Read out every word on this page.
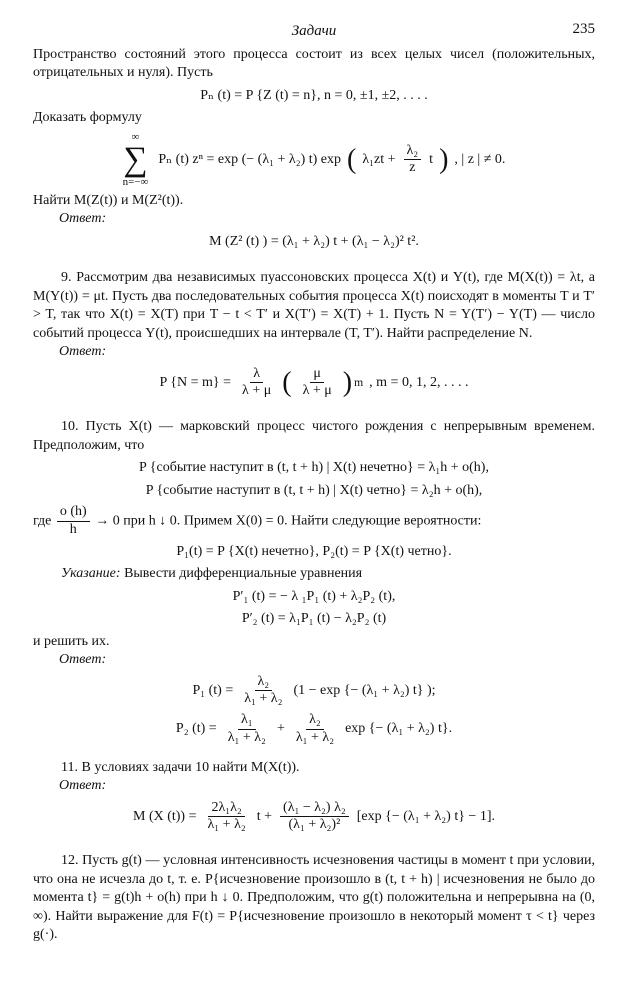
Задачи	235

Пространство состояний этого процесса состоит из всех целых чисел (положительных, отрицательных и нуля). Пусть

Pₙ (t) = P {Z (t) = n}, n = 0, ±1, ±2, . . . .

Доказать формулу

∞
∑
n=−∞
Pₙ (t) zⁿ = exp (− (λ₁ + λ₂) t) exp ( $\lambda_1zt + \frac{\text{λ₂}}{z}$ t ) , | z | ≠ 0.

Найти M(Z(t)) и M(Z²(t)).

Ответ:

M (Z² (t) ) = (λ₁ + λ₂) t + (λ₁ − λ₂)² t².

9. Рассмотрим два независимых пуассоновских процесса X(t) и Y(t), где M(X(t)) = λt, а M(Y(t)) = μt. Пусть два последовательных события процесса X(t) поисходят в моменты T и T′ > T, так что X(t) = X(T) при T − t < T′ и X(T′) = X(T) + 1. Пусть N = Y(T′) − Y(T) — число событий процесса Y(t), происшедших на интервале (T, T′). Найти распределение N.

Ответ:

P $\{N = m\} = \frac{\lambda}{\lambda + \mu}$ ( $\frac{\mu}{\lambda + \mu}$ ) m , m = 0, 1, 2, . . . .

10. Пусть X(t) — марковский процесс чистого рождения с непрерывным временем. Предположим, что

P {событие наступит в (t, t + h) | X(t) нечетно} = λ₁h + o(h),
P {событие наступит в (t, t + h) | X(t) четно} = λ₂h + o(h),

где $\frac{o (h)}{h} \to 0$ при h ↓ 0. Примем X(0) = 0. Найти следующие вероятности:

P₁(t) = P {X(t) нечетно}, P₂(t) = P {X(t) четно}.

Указание: Вывести дифференциальные уравнения

P′₁ (t) = − λ ₁P₁ (t) + λ₂P₂ (t),
P′₂ (t) = λ₁P₁ (t) − λ₂P₂ (t)

и решить их.

Ответ:

P₁ $(t) = \frac{\text{λ₂}}{\text{λ₁ + λ₂}} (1 - \exp$ {− (λ₁ + λ₂) t} );
P₂ $(t) = \frac{\text{λ₁}}{\text{λ₁ + λ₂}} + \frac{\text{λ₂}}{\text{λ₁ + λ₂}}$ exp {− (λ₁ + λ₂) t}.

11. В условиях задачи 10 найти M(X(t)).

Ответ:

M (X $(t)) = \frac{\text{2λ₁λ₂}}{\text{λ₁ + λ₂}}$ $t + \frac{\text{(λ₁ − λ₂) λ₂}}{\text{(λ₁ + λ₂)²}} [\exp$ {− (λ₁ + λ₂) t} − 1].

12. Пусть g(t) — условная интенсивность исчезновения частицы в момент t при условии, что она не исчезла до t, т. е. P{исчезновение произошло в (t, t + h) | исчезновения не было до момента t} = g(t)h + o(h) при h ↓ 0. Предположим, что g(t) положительна и непрерывна на (0, ∞). Найти выражение для F(t) = P{исчезновение произошло в некоторый момент τ < t} через g(·).
